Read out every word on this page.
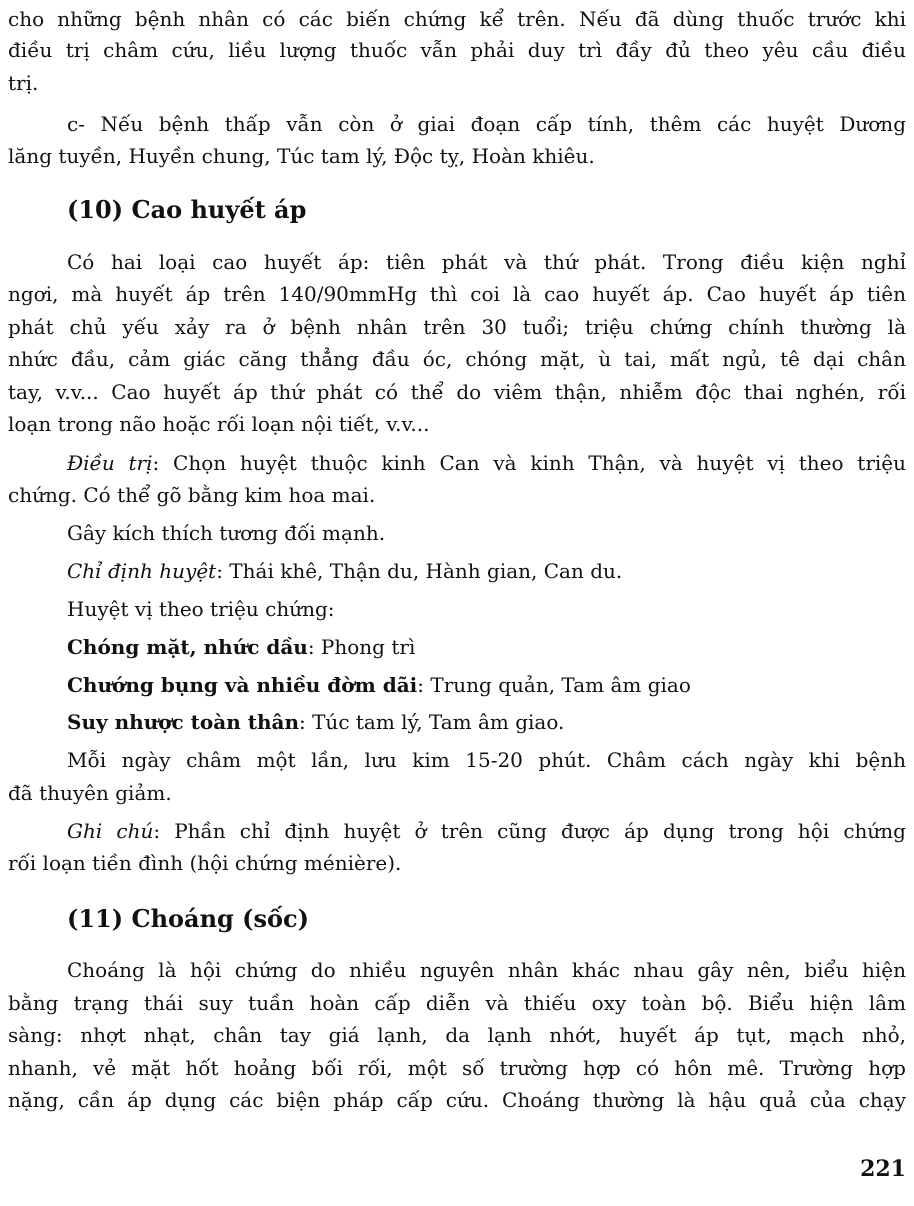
cho những bệnh nhân có các biến chứng kể trên. Nếu đã dùng thuốc trước khi
điều trị châm cứu, liều lượng thuốc vẫn phải duy trì đầy đủ theo yêu cầu điều
trị.
c- Nếu bệnh thấp vẫn còn ở giai đoạn cấp tính, thêm các huyệt Dương
lăng tuyền, Huyền chung, Túc tam lý, Độc tỵ, Hoàn khiêu.
(10) Cao huyết áp
Có hai loại cao huyết áp: tiên phát và thứ phát. Trong điều kiện nghỉ
ngơi, mà huyết áp trên 140/90mmHg thì coi là cao huyết áp. Cao huyết áp tiên
phát chủ yếu xảy ra ở bệnh nhân trên 30 tuổi; triệu chứng chính thường là
nhức đầu, cảm giác căng thẳng đầu óc, chóng mặt, ù tai, mất ngủ, tê dại chân
tay, v.v... Cao huyết áp thứ phát có thể do viêm thận, nhiễm độc thai nghén, rối
loạn trong não hoặc rối loạn nội tiết, v.v...
Điều trị: Chọn huyệt thuộc kinh Can và kinh Thận, và huyệt vị theo triệu
chứng. Có thể gõ bằng kim hoa mai.
Gây kích thích tương đối mạnh.
Chỉ định huyệt: Thái khê, Thận du, Hành gian, Can du.
Huyệt vị theo triệu chứng:
Chóng mặt, nhức dầu: Phong trì
Chướng bụng và nhiều đờm dãi: Trung quản, Tam âm giao
Suy nhược toàn thân: Túc tam lý, Tam âm giao.
Mỗi ngày châm một lần, lưu kim 15-20 phút. Châm cách ngày khi bệnh
đã thuyên giảm.
Ghi chú: Phần chỉ định huyệt ở trên cũng được áp dụng trong hội chứng
rối loạn tiền đình (hội chứng ménière).
(11) Choáng (sốc)
Choáng là hội chứng do nhiều nguyên nhân khác nhau gây nên, biểu hiện
bằng trạng thái suy tuần hoàn cấp diễn và thiếu oxy toàn bộ. Biểu hiện lâm
sàng: nhợt nhạt, chân tay giá lạnh, da lạnh nhớt, huyết áp tụt, mạch nhỏ,
nhanh, vẻ mặt hốt hoảng bối rối, một số trường hợp có hôn mê. Trường hợp
nặng, cần áp dụng các biện pháp cấp cứu. Choáng thường là hậu quả của chạy
221
